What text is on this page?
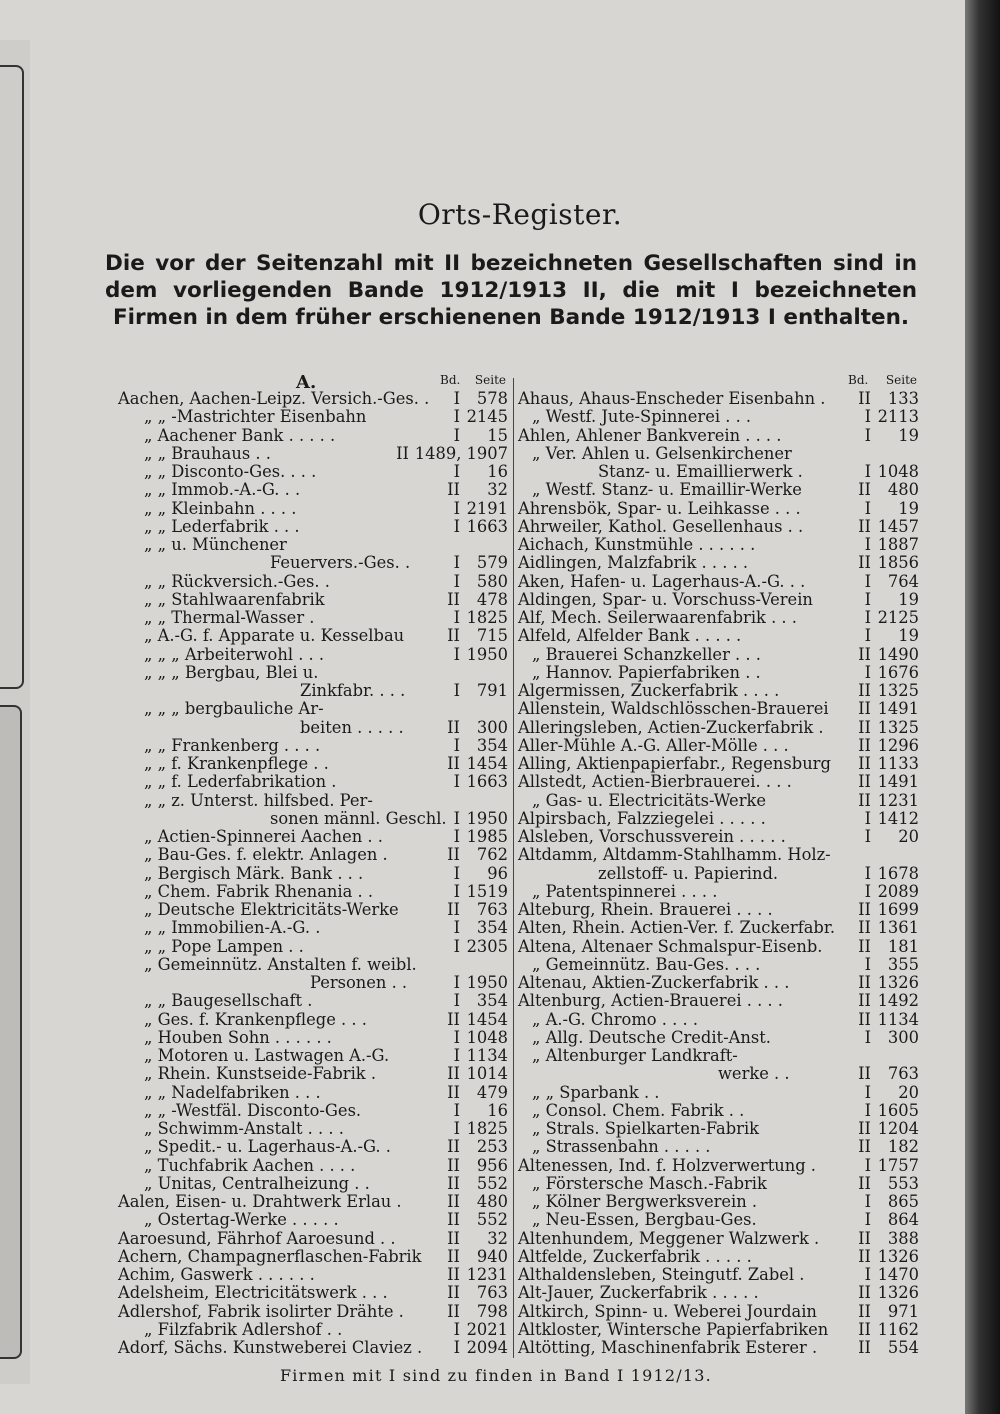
Orts-Register.
Die vor der Seitenzahl mit II bezeichneten Gesellschaften sind in dem vorliegenden Bande 1912/1913 II, die mit I bezeichneten Firmen in dem früher erschienenen Bande 1912/1913 I enthalten.
A.	Bd. Seite
Aachen, Aachen-Leipz. Versich.-Ges. . I 578
„ „ -Mastrichter Eisenbahn	I 2145
„ Aachener Bank . . . . .	I 15
„ „ Brauhaus . .	II 1489, 1907
„ „ Disconto-Ges. . . .	I 16
„ „ Immob.-A.-G. . .	II 32
„ „ Kleinbahn . . . .	I 2191
„ „ Lederfabrik . . .	I 1663
„ „ u. Münchener
Feuervers.-Ges. .	I 579
„ „ Rückversich.-Ges. .	I 580
„ „ Stahlwaarenfabrik	II 478
„ „ Thermal-Wasser .	I 1825
„ A.-G. f. Apparate u. Kesselbau	II 715
„ „ „ Arbeiterwohl . . .	I 1950
„ „ „ Bergbau, Blei u.
Zinkfabr. . . .	I 791
„ „ „ bergbauliche Ar-
beiten . . . . .	II 300
„ „ Frankenberg . . . .	I 354
„ „ f. Krankenpflege . .	II 1454
„ „ f. Lederfabrikation .	I 1663
„ „ z. Unterst. hilfsbed. Per-
sonen männl. Geschl. I 1950
„ Actien-Spinnerei Aachen . .	I 1985
„ Bau-Ges. f. elektr. Anlagen .	II 762
„ Bergisch Märk. Bank . . .	I 96
„ Chem. Fabrik Rhenania . .	I 1519
„ Deutsche Elektricitäts-Werke	II 763
„ „ Immobilien-A.-G. .	I 354
„ „ Pope Lampen . .	I 2305
„ Gemeinnütz. Anstalten f. weibl.
Personen . .	I 1950
„ „ Baugesellschaft .	I 354
„ Ges. f. Krankenpflege . . .	II 1454
„ Houben Sohn . . . . . .	I 1048
„ Motoren u. Lastwagen A.-G.	I 1134
„ Rhein. Kunstseide-Fabrik .	II 1014
„ „ Nadelfabriken . . .	II 479
„ „ -Westfäl. Disconto-Ges.	I 16
„ Schwimm-Anstalt . . . .	I 1825
„ Spedit.- u. Lagerhaus-A.-G. .	II 253
„ Tuchfabrik Aachen . . . .	II 956
„ Unitas, Centralheizung . .	II 552
Aalen, Eisen- u. Drahtwerk Erlau .	II 480
„ Ostertag-Werke . . . . .	II 552
Aaroesund, Fährhof Aaroesund . .	II 32
Achern, Champagnerflaschen-Fabrik II 940
Achim, Gaswerk . . . . . .	II 1231
Adelsheim, Electricitätswerk . . .	II 763
Adlershof, Fabrik isolirter Drähte .	II 798
„ Filzfabrik Adlershof . .	I 2021
Adorf, Sächs. Kunstweberei Claviez . I 2094
Bd. Seite
Ahaus, Ahaus-Enscheder Eisenbahn . II 133
„ Westf. Jute-Spinnerei . . .	I 2113
Ahlen, Ahlener Bankverein . . . .	I 19
„ Ver. Ahlen u. Gelsenkirchener
Stanz- u. Emaillierwerk .	I 1048
„ Westf. Stanz- u. Emaillir-Werke	II 480
Ahrensbök, Spar- u. Leihkasse . . .	I 19
Ahrweiler, Kathol. Gesellenhaus . .	II 1457
Aichach, Kunstmühle . . . . . .	I 1887
Aidlingen, Malzfabrik . . . . .	II 1856
Aken, Hafen- u. Lagerhaus-A.-G. . .	I 764
Aldingen, Spar- u. Vorschuss-Verein	I 19
Alf, Mech. Seilerwaarenfabrik . . .	I 2125
Alfeld, Alfelder Bank . . . . .	I 19
„ Brauerei Schanzkeller . . .	II 1490
„ Hannov. Papierfabriken . .	I 1676
Algermissen, Zuckerfabrik . . . .	II 1325
Allenstein, Waldschlösschen-Brauerei II 1491
Alleringsleben, Actien-Zuckerfabrik . II 1325
Aller-Mühle A.-G. Aller-Mölle . . .	II 1296
Alling, Aktienpapierfabr., Regensburg II 1133
Allstedt, Actien-Bierbrauerei. . . .	II 1491
„ Gas- u. Electricitäts-Werke	II 1231
Alpirsbach, Falzziegelei . . . . .	I 1412
Alsleben, Vorschussverein . . . . .	I 20
Altdamm, Altdamm-Stahlhamm. Holz-
zellstoff- u. Papierind.	I 1678
„ Patentspinnerei . . . .	I 2089
Alteburg, Rhein. Brauerei . . . .	II 1699
Alten, Rhein. Actien-Ver. f. Zuckerfabr. II 1361
Altena, Altenaer Schmalspur-Eisenb. II 181
„ Gemeinnütz. Bau-Ges. . . .	I 355
Altenau, Aktien-Zuckerfabrik . . .	II 1326
Altenburg, Actien-Brauerei . . . .	II 1492
„ A.-G. Chromo . . . .	II 1134
„ Allg. Deutsche Credit-Anst.	I 300
„ Altenburger Landkraft-
werke . .	II 763
„ „ Sparbank . .	I 20
„ Consol. Chem. Fabrik . .	I 1605
„ Strals. Spielkarten-Fabrik	II 1204
„ Strassenbahn . . . . .	II 182
Altenessen, Ind. f. Holzverwertung .	I 1757
„ Förstersche Masch.-Fabrik	II 553
„ Kölner Bergwerksverein .	I 865
„ Neu-Essen, Bergbau-Ges.	I 864
Altenhundem, Meggener Walzwerk . II 388
Altfelde, Zuckerfabrik . . . . .	II 1326
Althaldensleben, Steingutf. Zabel .	I 1470
Alt-Jauer, Zuckerfabrik . . . . .	II 1326
Altkirch, Spinn- u. Weberei Jourdain	II 971
Altkloster, Wintersche Papierfabriken II 1162
Altötting, Maschinenfabrik Esterer .	II 554
Firmen mit I sind zu finden in Band I 1912/13.
